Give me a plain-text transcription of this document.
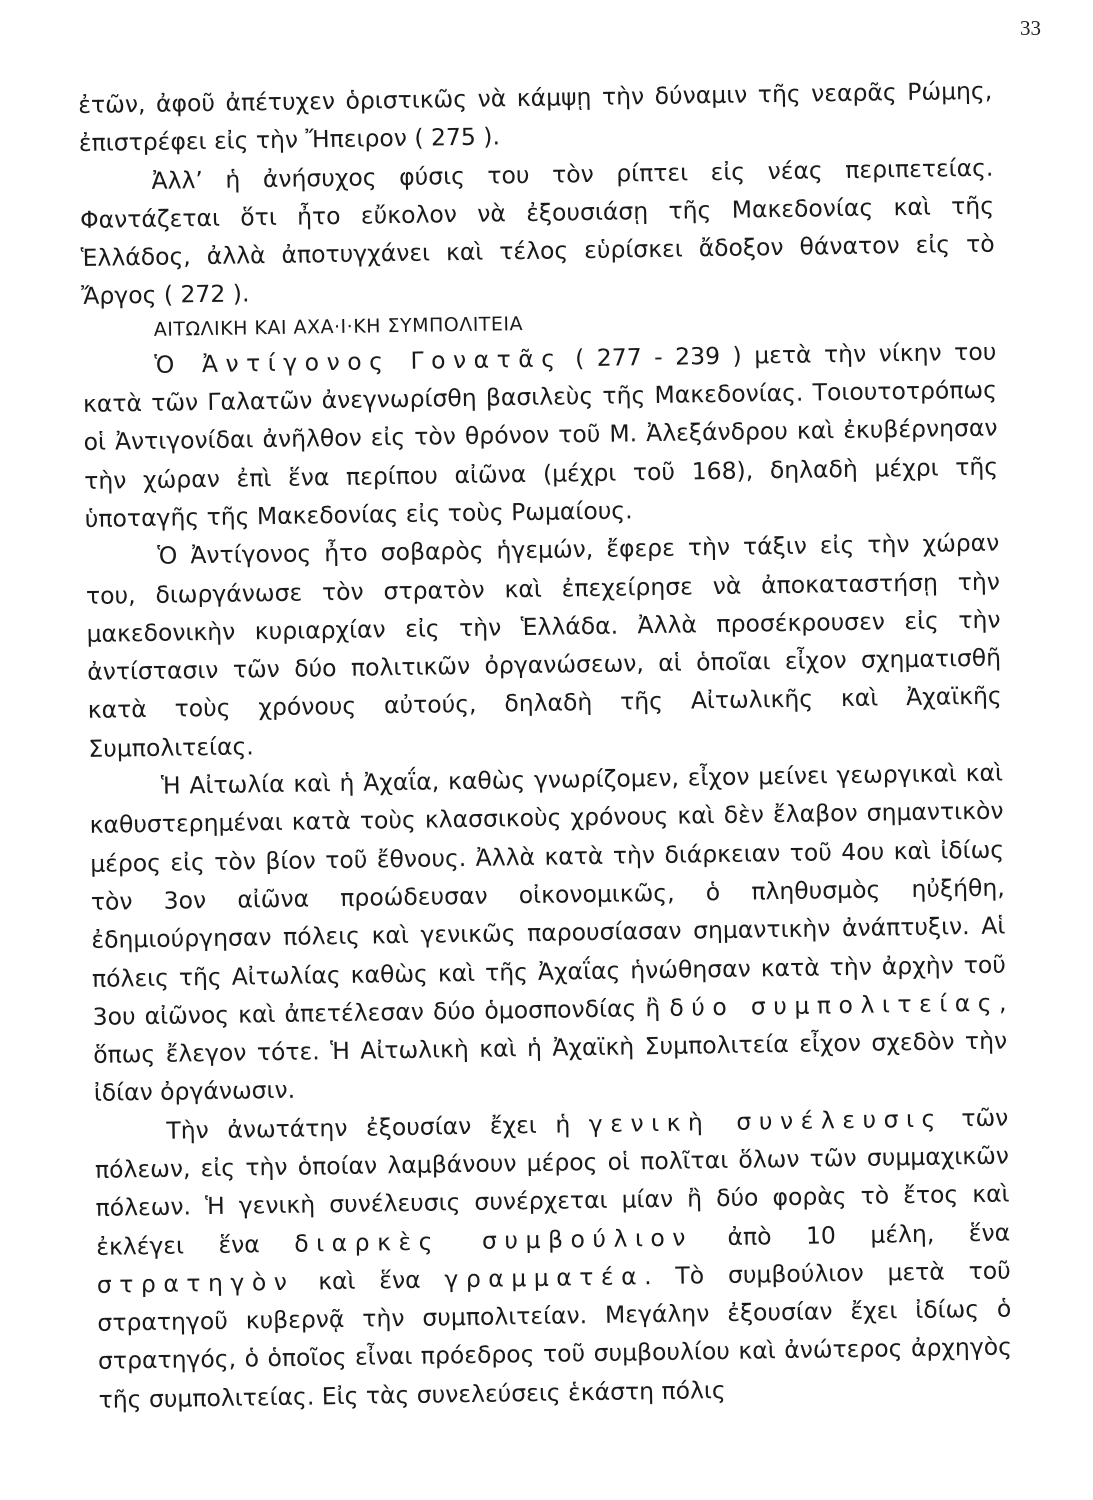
33

ἐτῶν, ἀφοῦ ἀπέτυχεν ὁριστικῶς νὰ κάμψῃ τὴν δύναμιν τῆς νεαρᾶς Ρώμης, ἐπιστρέφει εἰς τὴν Ἤπειρον ( 275 ).

Ἀλλ’ ἡ ἀνήσυχος φύσις του τὸν ρίπτει εἰς νέας περιπετείας. Φαντάζεται ὅτι ἦτο εὔκολον νὰ ἐξουσιάσῃ τῆς Μακεδονίας καὶ τῆς Ἑλλάδος, ἀλλὰ ἀποτυγχάνει καὶ τέλος εὑρίσκει ἄδοξον θάνατον εἰς τὸ Ἄργος ( 272 ).

ΑΙΤΩΛΙΚΗ ΚΑΙ ΑΧΑ·Ι·ΚΗ ΣΥΜΠΟΛΙΤΕΙΑ

Ὁ Ἀντίγονος Γονατᾶς ( 277 - 239 ) μετὰ τὴν νίκην του κατὰ τῶν Γαλατῶν ἀνεγνωρίσθη βασιλεὺς τῆς Μακεδονίας. Τοιουτοτρόπως οἱ Ἀντιγονίδαι ἀνῆλθον εἰς τὸν θρόνον τοῦ Μ. Ἀλεξάνδρου καὶ ἐκυβέρνησαν τὴν χώραν ἐπὶ ἕνα περίπου αἰῶνα (μέχρι τοῦ 168), δηλαδὴ μέχρι τῆς ὑποταγῆς τῆς Μακεδονίας εἰς τοὺς Ρωμαίους.

Ὁ Ἀντίγονος ἦτο σοβαρὸς ἡγεμών, ἔφερε τὴν τάξιν εἰς τὴν χώραν του, διωργάνωσε τὸν στρατὸν καὶ ἐπεχείρησε νὰ ἀποκαταστήσῃ τὴν μακεδονικὴν κυριαρχίαν εἰς τὴν Ἑλλάδα. Ἀλλὰ προσέκρουσεν εἰς τὴν ἀντίστασιν τῶν δύο πολιτικῶν ὀργανώσεων, αἱ ὁποῖαι εἶχον σχηματισθῆ κατὰ τοὺς χρόνους αὐτούς, δηλαδὴ τῆς Αἰτωλικῆς καὶ Ἀχαϊκῆς Συμπολιτείας.

Ἡ Αἰτωλία καὶ ἡ Ἀχαΐα, καθὼς γνωρίζομεν, εἶχον μείνει γεωργικαὶ καὶ καθυστερημέναι κατὰ τοὺς κλασσικοὺς χρόνους καὶ δὲν ἔλαβον σημαντικὸν μέρος εἰς τὸν βίον τοῦ ἔθνους. Ἀλλὰ κατὰ τὴν διάρκειαν τοῦ 4ου καὶ ἰδίως τὸν 3ον αἰῶνα προώδευσαν οἰκονομικῶς, ὁ πληθυσμὸς ηὐξήθη, ἐδημιούργησαν πόλεις καὶ γενικῶς παρουσίασαν σημαντικὴν ἀνάπτυξιν. Αἱ πόλεις τῆς Αἰτωλίας καθὼς καὶ τῆς Ἀχαΐας ἡνώθησαν κατὰ τὴν ἀρχὴν τοῦ 3ου αἰῶνος καὶ ἀπετέλεσαν δύο ὁμοσπονδίας ἢ δύο συμπολιτείας, ὅπως ἔλεγον τότε. Ἡ Αἰτωλικὴ καὶ ἡ Ἀχαϊκὴ Συμπολιτεία εἶχον σχεδὸν τὴν ἰδίαν ὀργάνωσιν.

Τὴν ἀνωτάτην ἐξουσίαν ἔχει ἡ γενικὴ συνέλευσις τῶν πόλεων, εἰς τὴν ὁποίαν λαμβάνουν μέρος οἱ πολῖται ὅλων τῶν συμμαχικῶν πόλεων. Ἡ γενικὴ συνέλευσις συνέρχεται μίαν ἢ δύο φορὰς τὸ ἔτος καὶ ἐκλέγει ἕνα διαρκὲς συμβούλιον ἀπὸ 10 μέλη, ἕνα στρατηγὸν καὶ ἕνα γραμματέα. Τὸ συμβούλιον μετὰ τοῦ στρατηγοῦ κυβερνᾷ τὴν συμπολιτείαν. Μεγάλην ἐξουσίαν ἔχει ἰδίως ὁ στρατηγός, ὁ ὁποῖος εἶναι πρόεδρος τοῦ συμβουλίου καὶ ἀνώτερος ἀρχηγὸς τῆς συμπολιτείας. Εἰς τὰς συνελεύσεις ἑκάστη πόλις
